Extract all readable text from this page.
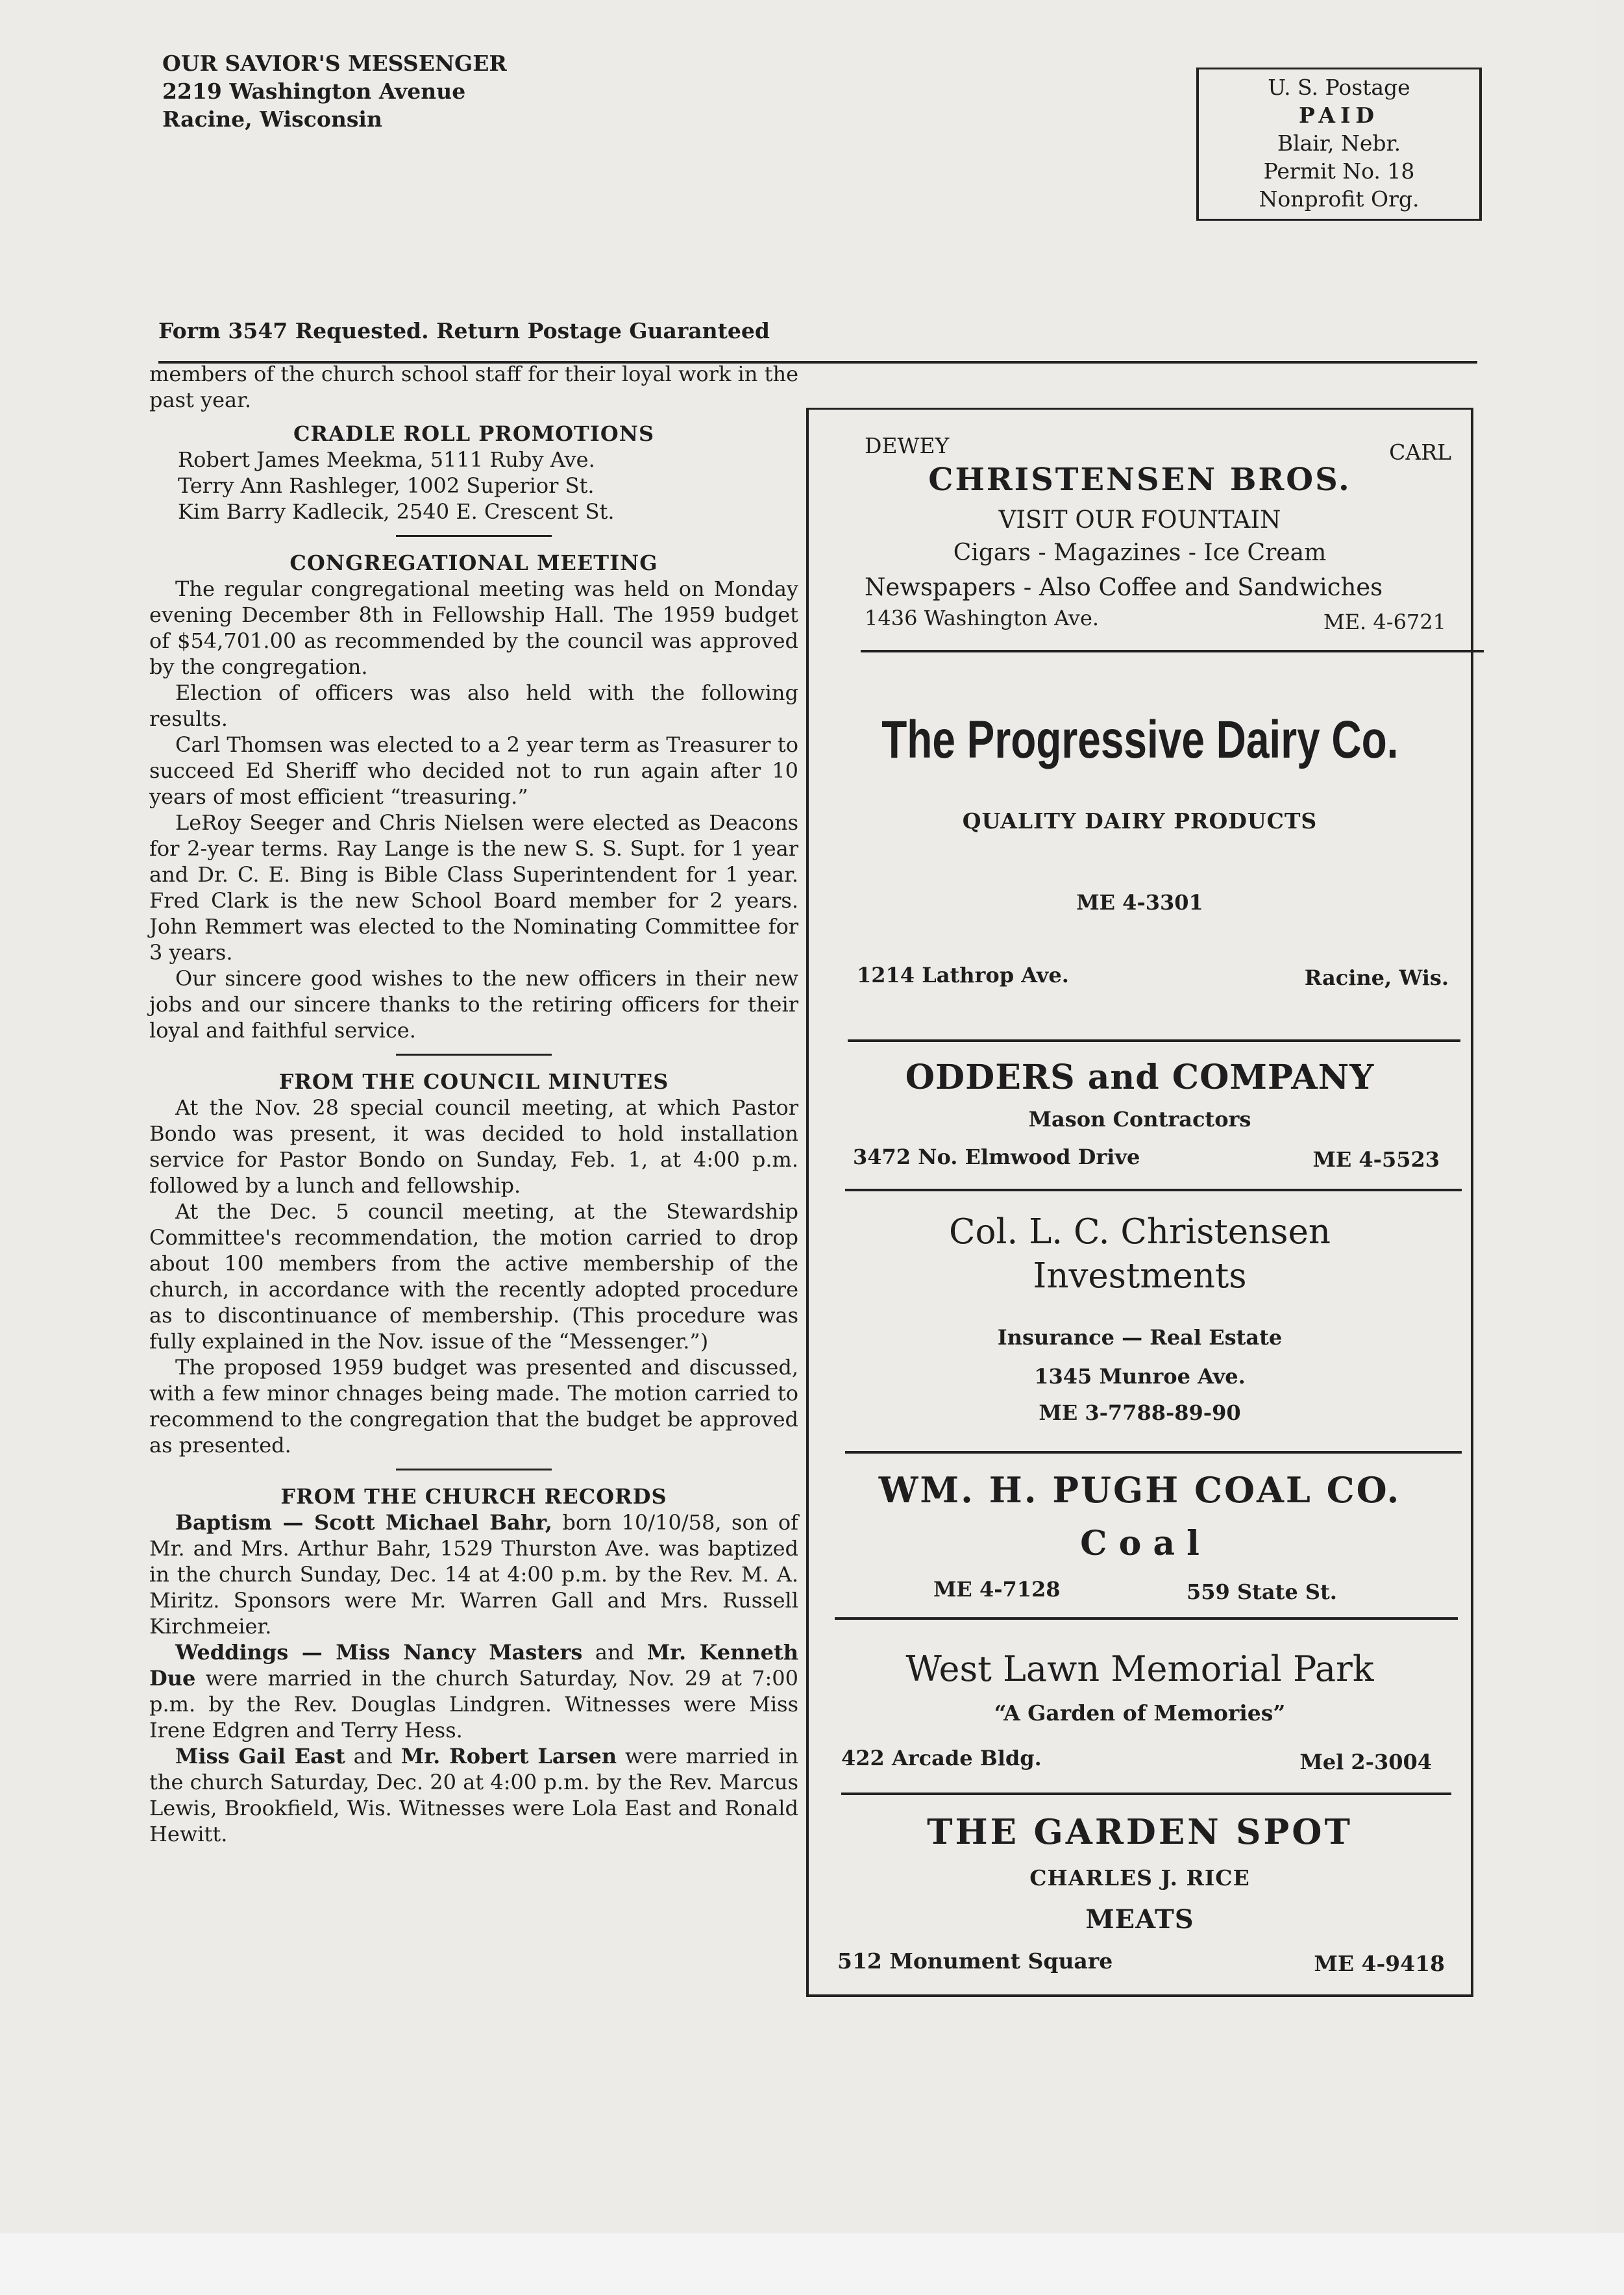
OUR SAVIOR'S MESSENGER
2219 Washington Avenue
Racine, Wisconsin
U. S. Postage
PAID
Blair, Nebr.
Permit No. 18
Nonprofit Org.
Form 3547 Requested. Return Postage Guaranteed

members of the church school staff for their loyal work in the past year.

CRADLE ROLL PROMOTIONS
Robert James Meekma, 5111 Ruby Ave.
Terry Ann Rashleger, 1002 Superior St.
Kim Barry Kadlecik, 2540 E. Crescent St.
CONGREGATIONAL MEETING

The regular congregational meeting was held on Monday evening December 8th in Fellowship Hall. The 1959 budget of $54,701.00 as recommended by the council was approved by the congregation.

Election of officers was also held with the following results.

Carl Thomsen was elected to a 2 year term as Treasurer to succeed Ed Sheriff who decided not to run again after 10 years of most efficient “treasuring.”

LeRoy Seeger and Chris Nielsen were elected as Deacons for 2-year terms. Ray Lange is the new S. S. Supt. for 1 year and Dr. C. E. Bing is Bible Class Superintendent for 1 year. Fred Clark is the new School Board member for 2 years. John Remmert was elected to the Nominating Committee for 3 years.

Our sincere good wishes to the new officers in their new jobs and our sincere thanks to the retiring officers for their loyal and faithful service.

FROM THE COUNCIL MINUTES

At the Nov. 28 special council meeting, at which Pastor Bondo was present, it was decided to hold installation service for Pastor Bondo on Sunday, Feb. 1, at 4:00 p.m. followed by a lunch and fellowship.

At the Dec. 5 council meeting, at the Stewardship Committee's recommendation, the motion carried to drop about 100 members from the active membership of the church, in accordance with the recently adopted procedure as to discontinuance of membership. (This procedure was fully explained in the Nov. issue of the “Messenger.”)

The proposed 1959 budget was presented and discussed, with a few minor chnages being made. The motion carried to recommend to the congregation that the budget be approved as presented.

FROM THE CHURCH RECORDS

Baptism — Scott Michael Bahr, born 10/10/58, son of Mr. and Mrs. Arthur Bahr, 1529 Thurston Ave. was baptized in the church Sunday, Dec. 14 at 4:00 p.m. by the Rev. M. A. Miritz. Sponsors were Mr. Warren Gall and Mrs. Russell Kirchmeier.

Weddings — Miss Nancy Masters and Mr. Kenneth Due were married in the church Saturday, Nov. 29 at 7:00 p.m. by the Rev. Douglas Lindgren. Witnesses were Miss Irene Edgren and Terry Hess.

Miss Gail East and Mr. Robert Larsen were married in the church Saturday, Dec. 20 at 4:00 p.m. by the Rev. Marcus Lewis, Brookfield, Wis. Witnesses were Lola East and Ronald Hewitt.

DEWEY	CARL
CHRISTENSEN BROS.
VISIT OUR FOUNTAIN
Cigars - Magazines - Ice Cream
Newspapers - Also Coffee and Sandwiches
1436 Washington Ave.	ME. 4-6721
The Progressive Dairy Co.
QUALITY DAIRY PRODUCTS
ME 4-3301
1214 Lathrop Ave.	Racine, Wis.
ODDERS and COMPANY
Mason Contractors
3472 No. Elmwood Drive	ME 4-5523
Col. L. C. Christensen
Investments
Insurance — Real Estate
1345 Munroe Ave.
ME 3-7788-89-90
WM. H. PUGH COAL CO.
C o a l
ME 4-7128	559 State St.
West Lawn Memorial Park
“A Garden of Memories”
422 Arcade Bldg.	Mel 2-3004
THE GARDEN SPOT
CHARLES J. RICE
MEATS
512 Monument Square	ME 4-9418
